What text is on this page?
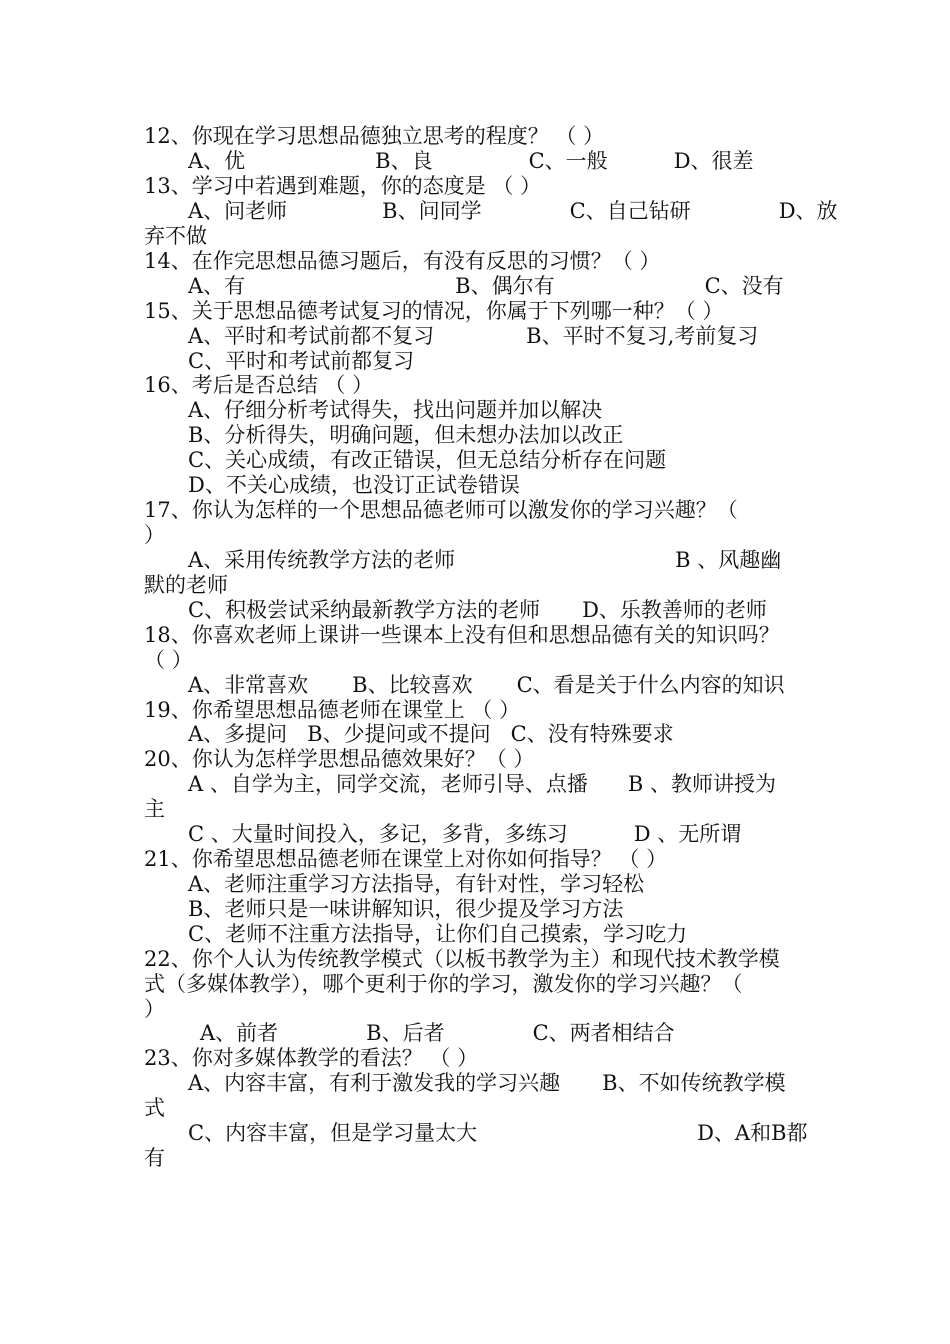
12、你现在学习思想品德独立思考的程度？ （ ）

A、优	B、良	C、一般	D、很差

13、学习中若遇到难题，你的态度是 （ ）

A、问老师	B、问同学	C、自己钻研	D、放

弃不做

14、在作完思想品德习题后，有没有反思的习惯？（ ）

A、有	B、偶尔有	C、没有

15、关于思想品德考试复习的情况，你属于下列哪一种？（ ）

A、平时和考试前都不复习	B、平时不复习,考前复习

C、平时和考试前都复习

16、考后是否总结 （ ）

A、仔细分析考试得失，找出问题并加以解决

B、分析得失，明确问题，但未想办法加以改正

C、关心成绩，有改正错误，但无总结分析存在问题

D、不关心成绩，也没订正试卷错误

17、你认为怎样的一个思想品德老师可以激发你的学习兴趣？（

）

A、采用传统教学方法的老师	B 、风趣幽

默的老师

C、积极尝试采纳最新教学方法的老师 D、乐教善师的老师

18、你喜欢老师上课讲一些课本上没有但和思想品德有关的知识吗？

（ ）

A、非常喜欢 B、比较喜欢 C、看是关于什么内容的知识

19、你希望思想品德老师在课堂上 （ ）

A、多提问 B、少提问或不提问 C、没有特殊要求

20、你认为怎样学思想品德效果好？（ ）

A 、自学为主，同学交流，老师引导、点播 B 、教师讲授为

主

C 、大量时间投入，多记，多背，多练习	D 、无所谓

21、你希望思想品德老师在课堂上对你如何指导？ （ ）

A、老师注重学习方法指导，有针对性，学习轻松

B、老师只是一味讲解知识，很少提及学习方法

C、老师不注重方法指导，让你们自己摸索，学习吃力

22、你个人认为传统教学模式（以板书教学为主）和现代技术教学模

式（多媒体教学），哪个更利于你的学习，激发你的学习兴趣？（

）

A、前者	B、后者	C、两者相结合

23、你对多媒体教学的看法？ （ ）

A、内容丰富，有利于激发我的学习兴趣 B、不如传统教学模

式

C、内容丰富，但是学习量太大	D、A和B都

有
